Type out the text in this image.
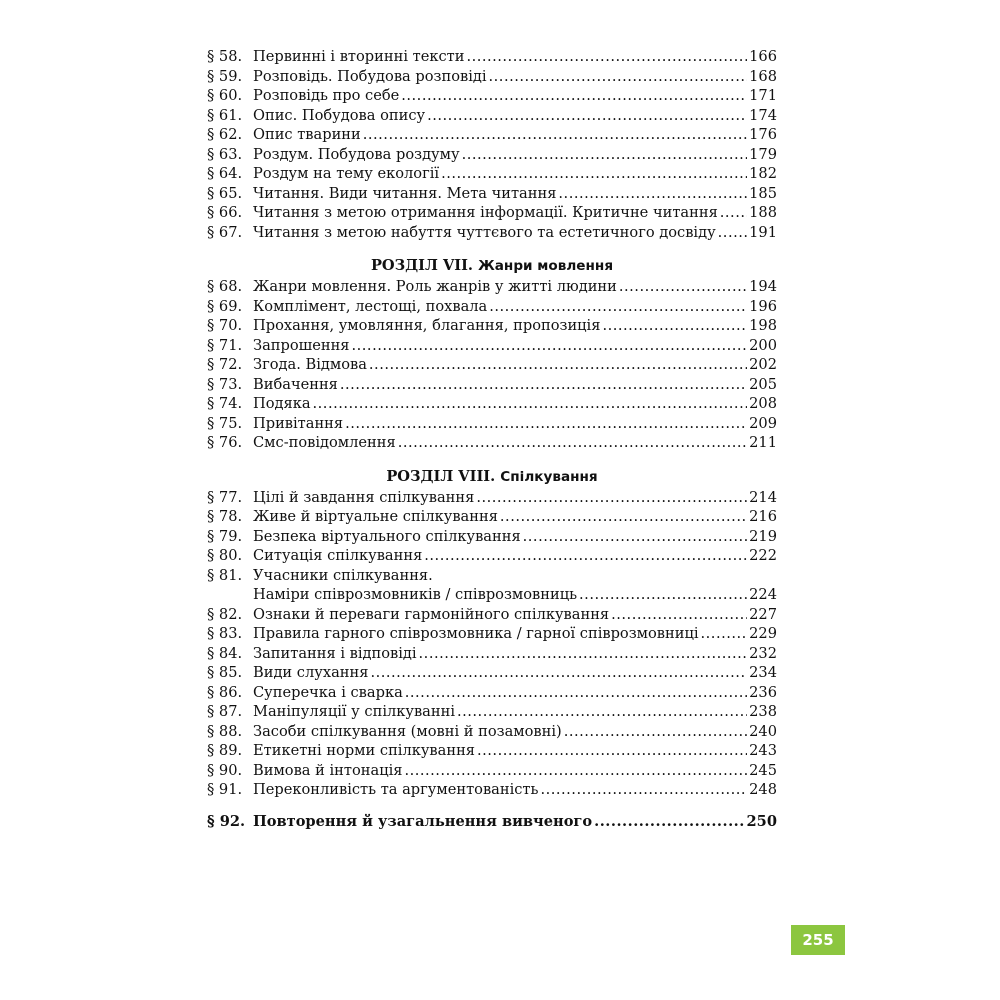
§ 58. Первинні і вторинні тексти .....	166
§ 59. Розповідь. Побудова розповіді .....	168
§ 60. Розповідь про себе .....	171
§ 61. Опис. Побудова опису .....	174
§ 62. Опис тварини .....	176
§ 63. Роздум. Побудова роздуму .....	179
§ 64. Роздум на тему екології .....	182
§ 65. Читання. Види читання. Мета читання .....	185
§ 66. Читання з метою отримання інформації. Критичне читання ..... 188
§ 67. Читання з метою набуття чуттєвого та естетичного досвіду ..... 191
РОЗДІЛ VII. Жанри мовлення
§ 68. Жанри мовлення. Роль жанрів у житті людини .....	194
§ 69. Комплімент, лестощі, похвала .....	196
§ 70. Прохання, умовляння, благання, пропозиція .....	198
§ 71. Запрошення .....	200
§ 72. Згода. Відмова .....	202
§ 73. Вибачення .....	205
§ 74. Подяка .....	208
§ 75. Привітання .....	209
§ 76. Смс-повідомлення .....	211
РОЗДІЛ VIII. Спілкування
§ 77. Цілі й завдання спілкування .....	214
§ 78. Живе й віртуальне спілкування .....	216
§ 79. Безпека віртуального спілкування .....	219
§ 80. Ситуація спілкування .....	222
§ 81. Учасники спілкування.
Наміри співрозмовників / співрозмовниць .....	224
§ 82. Ознаки й переваги гармонійного спілкування .....	227
§ 83. Правила гарного співрозмовника / гарної співрозмовниці .....	229
§ 84. Запитання і відповіді .....	232
§ 85. Види слухання .....	234
§ 86. Суперечка і сварка .....	236
§ 87. Маніпуляції у спілкуванні .....	238
§ 88. Засоби спілкування (мовні й позамовні) .....	240
§ 89. Етикетні норми спілкування .....	243
§ 90. Вимова й інтонація .....	245
§ 91. Переконливість та аргументованість .....	248
§ 92. Повторення й узагальнення вивченого .....	250
255
